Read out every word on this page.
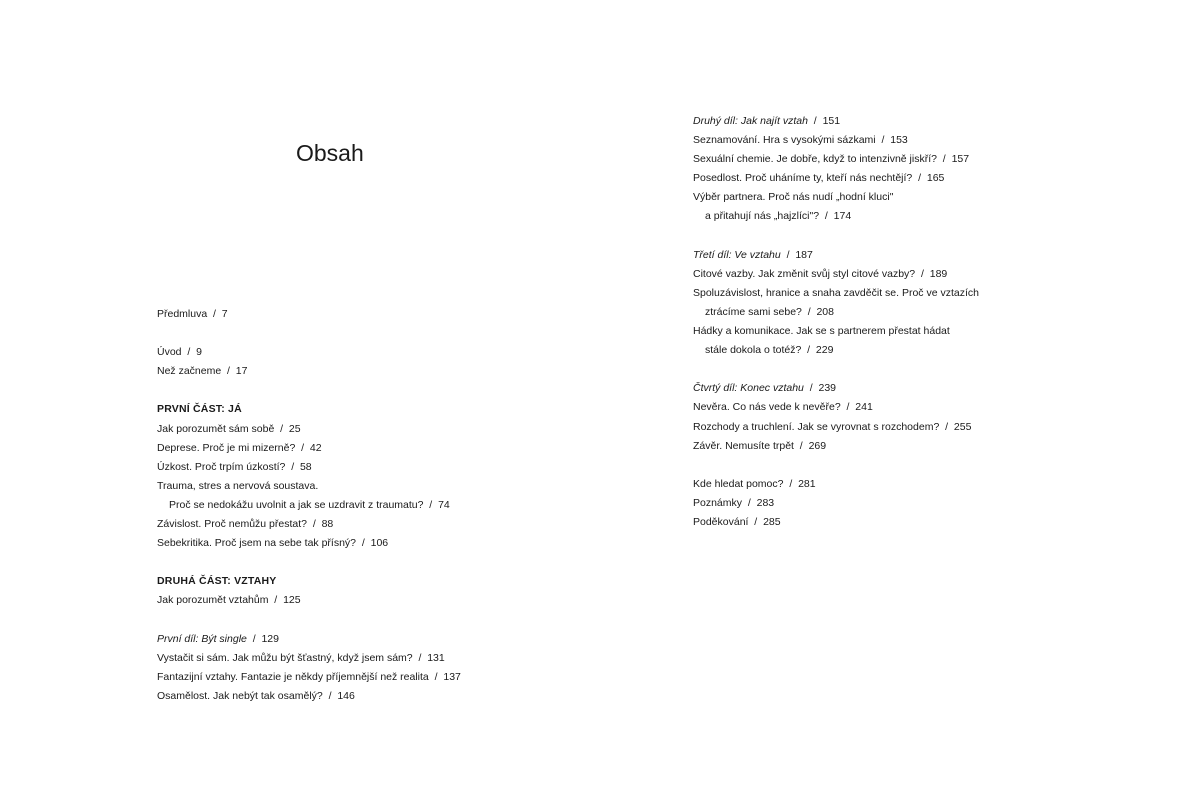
Obsah
Předmluva  /  7
Úvod  /  9
Než začneme  /  17
PRVNÍ ČÁST: JÁ
Jak porozumět sám sobě  /  25
Deprese. Proč je mi mizerně?  /  42
Úzkost. Proč trpím úzkostí?  /  58
Trauma, stres a nervová soustava.
Proč se nedokážu uvolnit a jak se uzdravit z traumatu?  /  74
Závislost. Proč nemůžu přestat?  /  88
Sebekritika. Proč jsem na sebe tak přísný?  /  106
DRUHÁ ČÁST: VZTAHY
Jak porozumět vztahům  /  125
První díl: Být single  /  129
Vystačit si sám. Jak můžu být šťastný, když jsem sám?  /  131
Fantazijní vztahy. Fantazie je někdy příjemnější než realita  /  137
Osamělost. Jak nebýt tak osamělý?  /  146
Druhý díl: Jak najít vztah  /  151
Seznamování. Hra s vysokými sázkami  /  153
Sexuální chemie. Je dobře, když to intenzivně jiskří?  /  157
Posedlost. Proč uháníme ty, kteří nás nechtějí?  /  165
Výběr partnera. Proč nás nudí „hodní kluci"
a přitahují nás „hajzlíci"?  /  174
Třetí díl: Ve vztahu  /  187
Citové vazby. Jak změnit svůj styl citové vazby?  /  189
Spoluzávislost, hranice a snaha zavděčit se. Proč ve vztazích
ztrácíme sami sebe?  /  208
Hádky a komunikace. Jak se s partnerem přestat hádat
stále dokola o totéž?  /  229
Čtvrtý díl: Konec vztahu  /  239
Nevěra. Co nás vede k nevěře?  /  241
Rozchody a truchlení. Jak se vyrovnat s rozchodem?  /  255
Závěr. Nemusíte trpět  /  269
Kde hledat pomoc?  /  281
Poznámky  /  283
Poděkování  /  285
